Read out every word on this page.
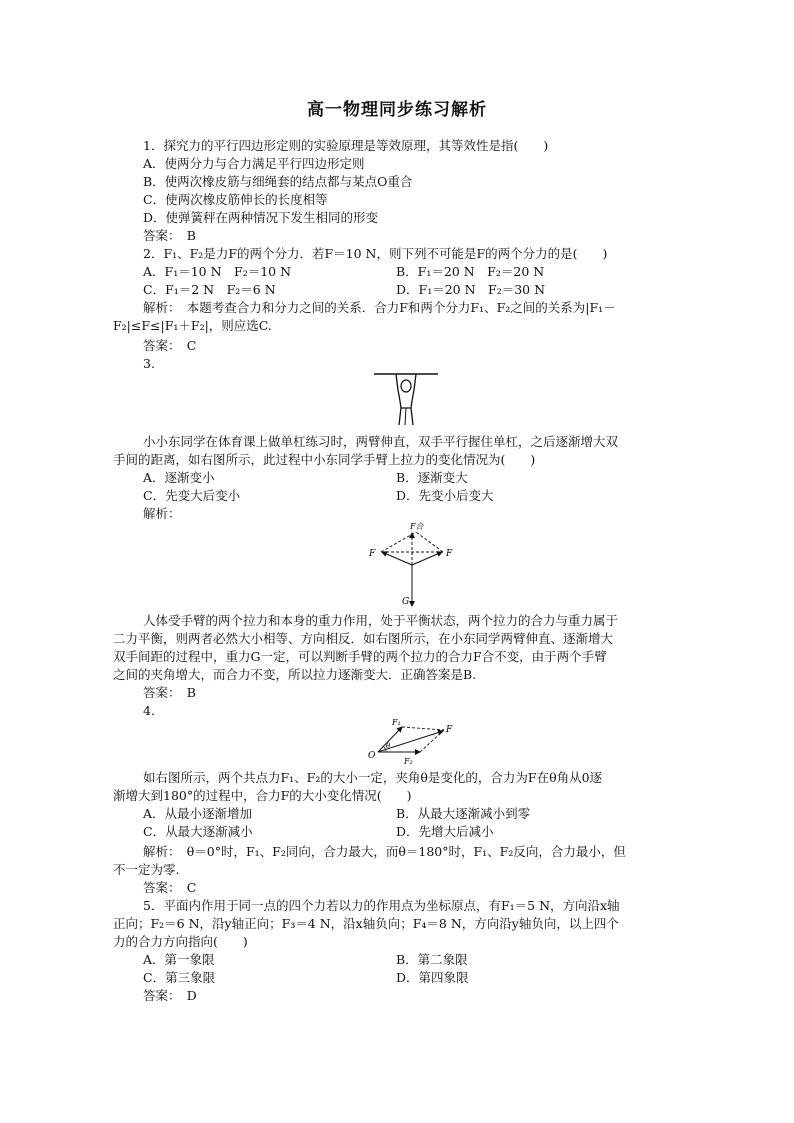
高一物理同步练习解析
1．探究力的平行四边形定则的实验原理是等效原理，其等效性是指(　　)
A．使两分力与合力满足平行四边形定则
B．使两次橡皮筋与细绳套的结点都与某点O重合
C．使两次橡皮筋伸长的长度相等
D．使弹簧秤在两种情况下发生相同的形变
答案：　B
2．F₁、F₂是力F的两个分力．若F＝10 N，则下列不可能是F的两个分力的是(　　)
A．F₁＝10 N　F₂＝10 N	B．F₁＝20 N　F₂＝20 N
C．F₁＝2 N　F₂＝6 N	D．F₁＝20 N　F₂＝30 N
解析：　本题考查合力和分力之间的关系．合力F和两个分力F₁、F₂之间的关系为|F₁－
F₂|≤F≤|F₁＋F₂|，则应选C.
答案：　C
3.
小小东同学在体育课上做单杠练习时，两臂伸直，双手平行握住单杠，之后逐渐增大双
手间的距离，如右图所示，此过程中小东同学手臂上拉力的变化情况为(　　)
A．逐渐变小	B．逐渐变大
C．先变大后变小	D．先变小后变大
解析：
F合
F	F
G
人体受手臂的两个拉力和本身的重力作用，处于平衡状态，两个拉力的合力与重力属于
二力平衡，则两者必然大小相等、方向相反．如右图所示，在小东同学两臂伸直、逐渐增大
双手间距的过程中，重力G一定，可以判断手臂的两个拉力的合力F合不变，由于两个手臂
之间的夹角增大，而合力不变，所以拉力逐渐变大．正确答案是B.
答案：　B
4.
O
F₁
F₂
F
θ
如右图所示，两个共点力F₁、F₂的大小一定，夹角θ是变化的，合力为F在θ角从0逐
渐增大到180°的过程中，合力F的大小变化情况(　　)
A．从最小逐渐增加	B．从最大逐渐减小到零
C．从最大逐渐减小	D．先增大后减小
解析：　θ＝0°时，F₁、F₂同向，合力最大，而θ＝180°时，F₁、F₂反向，合力最小，但
不一定为零.
答案：　C
5．平面内作用于同一点的四个力若以力的作用点为坐标原点，有F₁＝5 N，方向沿x轴
正向；F₂＝6 N，沿y轴正向；F₃＝4 N，沿x轴负向；F₄＝8 N，方向沿y轴负向，以上四个
力的合力方向指向(　　)
A．第一象限	B．第二象限
C．第三象限	D．第四象限
答案：　D
